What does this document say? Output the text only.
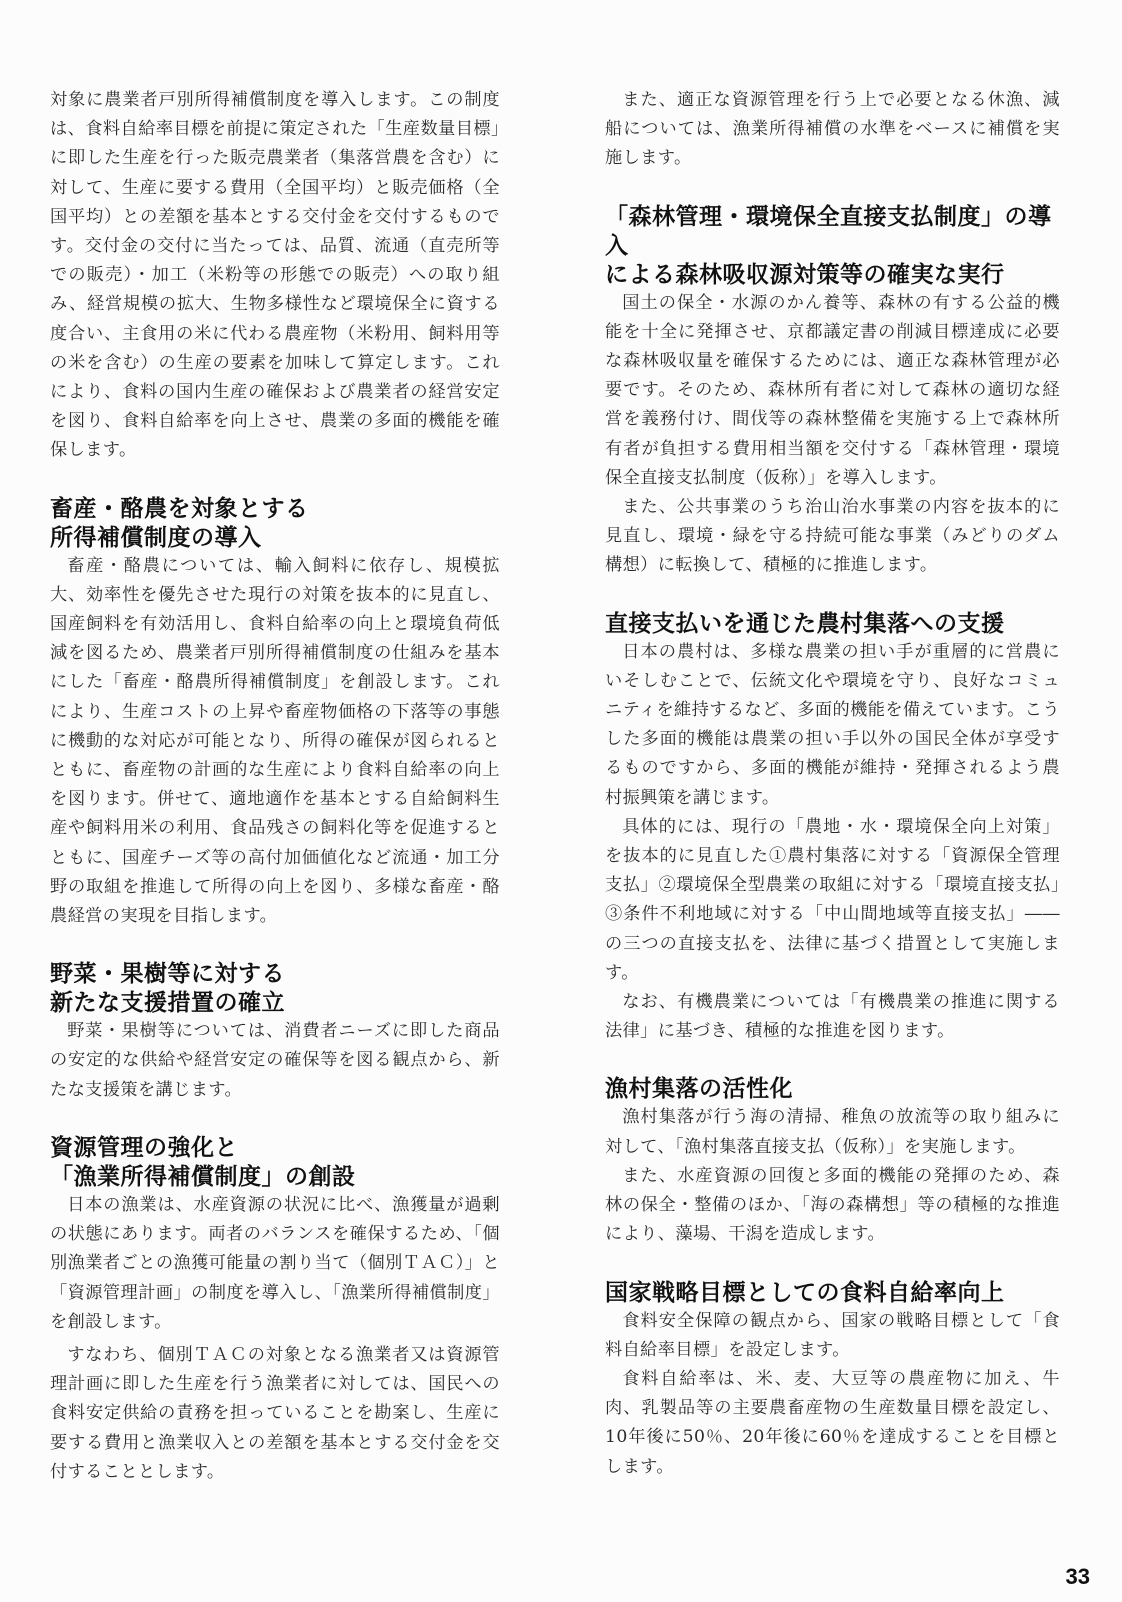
対象に農業者戸別所得補償制度を導入します。この制度は、食料自給率目標を前提に策定された「生産数量目標」に即した生産を行った販売農業者（集落営農を含む）に対して、生産に要する費用（全国平均）と販売価格（全国平均）との差額を基本とする交付金を交付するものです。交付金の交付に当たっては、品質、流通（直売所等での販売）・加工（米粉等の形態での販売）への取り組み、経営規模の拡大、生物多様性など環境保全に資する度合い、主食用の米に代わる農産物（米粉用、飼料用等の米を含む）の生産の要素を加味して算定します。これにより、食料の国内生産の確保および農業者の経営安定を図り、食料自給率を向上させ、農業の多面的機能を確保します。

畜産・酪農を対象とする
所得補償制度の導入

畜産・酪農については、輸入飼料に依存し、規模拡大、効率性を優先させた現行の対策を抜本的に見直し、国産飼料を有効活用し、食料自給率の向上と環境負荷低減を図るため、農業者戸別所得補償制度の仕組みを基本にした「畜産・酪農所得補償制度」を創設します。これにより、生産コストの上昇や畜産物価格の下落等の事態に機動的な対応が可能となり、所得の確保が図られるとともに、畜産物の計画的な生産により食料自給率の向上を図ります。併せて、適地適作を基本とする自給飼料生産や飼料用米の利用、食品残さの飼料化等を促進するとともに、国産チーズ等の高付加価値化など流通・加工分野の取組を推進して所得の向上を図り、多様な畜産・酪農経営の実現を目指します。

野菜・果樹等に対する
新たな支援措置の確立

野菜・果樹等については、消費者ニーズに即した商品の安定的な供給や経営安定の確保等を図る観点から、新たな支援策を講じます。

資源管理の強化と
「漁業所得補償制度」の創設

日本の漁業は、水産資源の状況に比べ、漁獲量が過剰の状態にあります。両者のバランスを確保するため、「個別漁業者ごとの漁獲可能量の割り当て（個別ＴＡＣ）」と「資源管理計画」の制度を導入し、「漁業所得補償制度」を創設します。

すなわち、個別ＴＡＣの対象となる漁業者又は資源管理計画に即した生産を行う漁業者に対しては、国民への食料安定供給の責務を担っていることを勘案し、生産に要する費用と漁業収入との差額を基本とする交付金を交付することとします。

また、適正な資源管理を行う上で必要となる休漁、減船については、漁業所得補償の水準をベースに補償を実施します。

「森林管理・環境保全直接支払制度」の導入
による森林吸収源対策等の確実な実行

国土の保全・水源のかん養等、森林の有する公益的機能を十全に発揮させ、京都議定書の削減目標達成に必要な森林吸収量を確保するためには、適正な森林管理が必要です。そのため、森林所有者に対して森林の適切な経営を義務付け、間伐等の森林整備を実施する上で森林所有者が負担する費用相当額を交付する「森林管理・環境保全直接支払制度（仮称）」を導入します。

また、公共事業のうち治山治水事業の内容を抜本的に見直し、環境・緑を守る持続可能な事業（みどりのダム構想）に転換して、積極的に推進します。

直接支払いを通じた農村集落への支援

日本の農村は、多様な農業の担い手が重層的に営農にいそしむことで、伝統文化や環境を守り、良好なコミュニティを維持するなど、多面的機能を備えています。こうした多面的機能は農業の担い手以外の国民全体が享受するものですから、多面的機能が維持・発揮されるよう農村振興策を講じます。

具体的には、現行の「農地・水・環境保全向上対策」を抜本的に見直した①農村集落に対する「資源保全管理支払」②環境保全型農業の取組に対する「環境直接支払」③条件不利地域に対する「中山間地域等直接支払」――の三つの直接支払を、法律に基づく措置として実施します。

なお、有機農業については「有機農業の推進に関する法律」に基づき、積極的な推進を図ります。

漁村集落の活性化

漁村集落が行う海の清掃、稚魚の放流等の取り組みに対して、「漁村集落直接支払（仮称）」を実施します。

また、水産資源の回復と多面的機能の発揮のため、森林の保全・整備のほか、「海の森構想」等の積極的な推進により、藻場、干潟を造成します。

国家戦略目標としての食料自給率向上

食料安全保障の観点から、国家の戦略目標として「食料自給率目標」を設定します。

食料自給率は、米、麦、大豆等の農産物に加え、牛肉、乳製品等の主要農畜産物の生産数量目標を設定し、10年後に50％、20年後に60％を達成することを目標とします。

33
